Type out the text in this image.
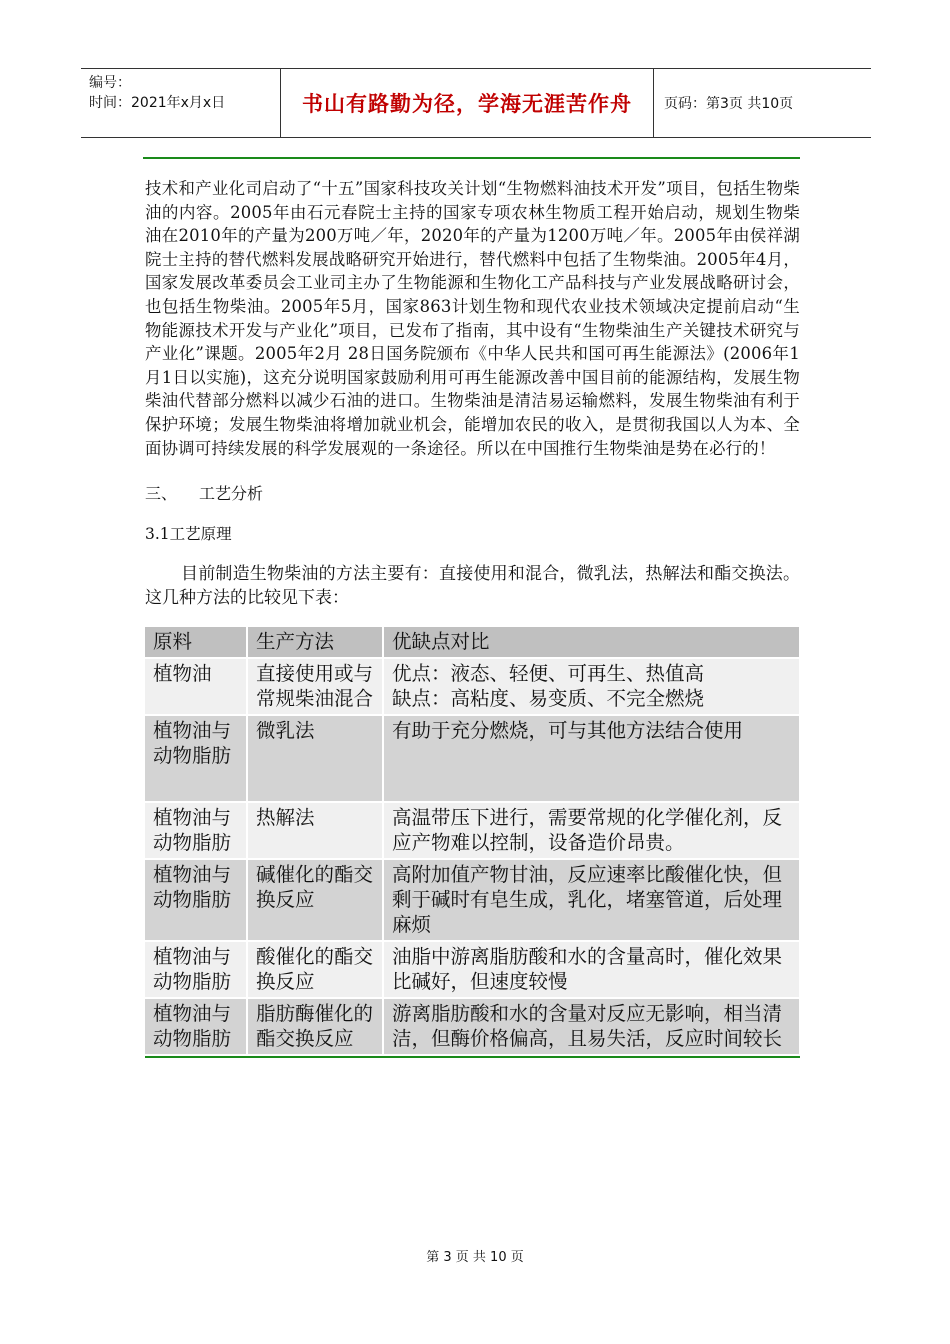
编号：
时间：2021年x月x日	书山有路勤为径，学海无涯苦作舟	页码：第3页 共10页

技术和产业化司启动了“十五”国家科技攻关计划“生物燃料油技术开发”项目，包括生物柴油的内容。2005年由石元春院士主持的国家专项农林生物质工程开始启动，规划生物柴油在2010年的产量为200万吨／年，2020年的产量为1200万吨／年。2005年由侯祥湖院士主持的替代燃料发展战略研究开始进行，替代燃料中包括了生物柴油。2005年4月，国家发展改革委员会工业司主办了生物能源和生物化工产品科技与产业发展战略研讨会，也包括生物柴油。2005年5月，国家863计划生物和现代农业技术领域决定提前启动“生物能源技术开发与产业化”项目，已发布了指南，其中设有“生物柴油生产关键技术研究与产业化”课题。2005年2月 28日国务院颁布《中华人民共和国可再生能源法》(2006年1月1日以实施)，这充分说明国家鼓励利用可再生能源改善中国目前的能源结构，发展生物柴油代替部分燃料以减少石油的进口。生物柴油是清洁易运输燃料，发展生物柴油有利于保护环境；发展生物柴油将增加就业机会，能增加农民的收入，是贯彻我国以人为本、全面协调可持续发展的科学发展观的一条途径。所以在中国推行生物柴油是势在必行的！

三、 工艺分析
3.1工艺原理

目前制造生物柴油的方法主要有：直接使用和混合，微乳法，热解法和酯交换法。这几种方法的比较见下表：

原料	生产方法	优缺点对比
植物油	直接使用或与常规柴油混合	优点：液态、轻便、可再生、热值高
缺点：高粘度、易变质、不完全燃烧
植物油与动物脂肪	微乳法	有助于充分燃烧，可与其他方法结合使用
植物油与动物脂肪	热解法	高温带压下进行，需要常规的化学催化剂，反应产物难以控制，设备造价昂贵。
植物油与动物脂肪	碱催化的酯交换反应	高附加值产物甘油，反应速率比酸催化快，但剩于碱时有皂生成，乳化，堵塞管道，后处理麻烦
植物油与动物脂肪	酸催化的酯交换反应	油脂中游离脂肪酸和水的含量高时，催化效果比碱好，但速度较慢
植物油与动物脂肪	脂肪酶催化的酯交换反应	游离脂肪酸和水的含量对反应无影响，相当清洁，但酶价格偏高，且易失活，反应时间较长
第 3 页 共 10 页
